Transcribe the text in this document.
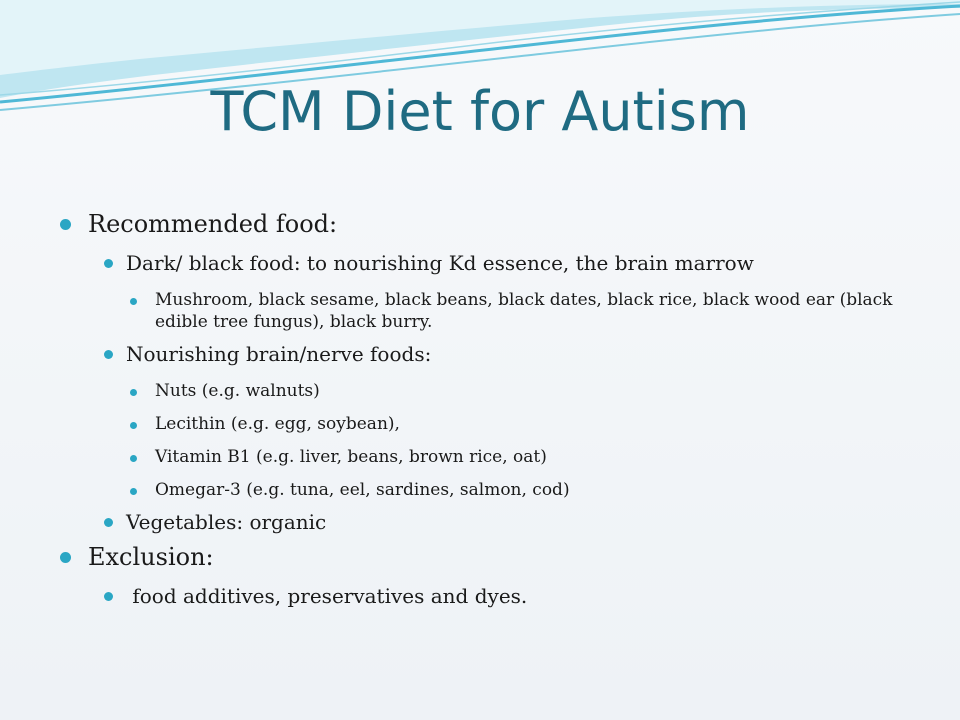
TCM Diet for Autism
Recommended food:
Dark/ black food: to nourishing Kd essence, the brain marrow
Mushroom, black sesame, black beans, black dates, black rice, black wood ear (black edible tree fungus), black burry.
Nourishing brain/nerve foods:
Nuts (e.g. walnuts)
Lecithin (e.g. egg, soybean),
Vitamin B1 (e.g. liver, beans, brown rice, oat)
Omegar-3 (e.g. tuna, eel, sardines, salmon, cod)
Vegetables: organic
Exclusion:
food additives, preservatives and dyes.
